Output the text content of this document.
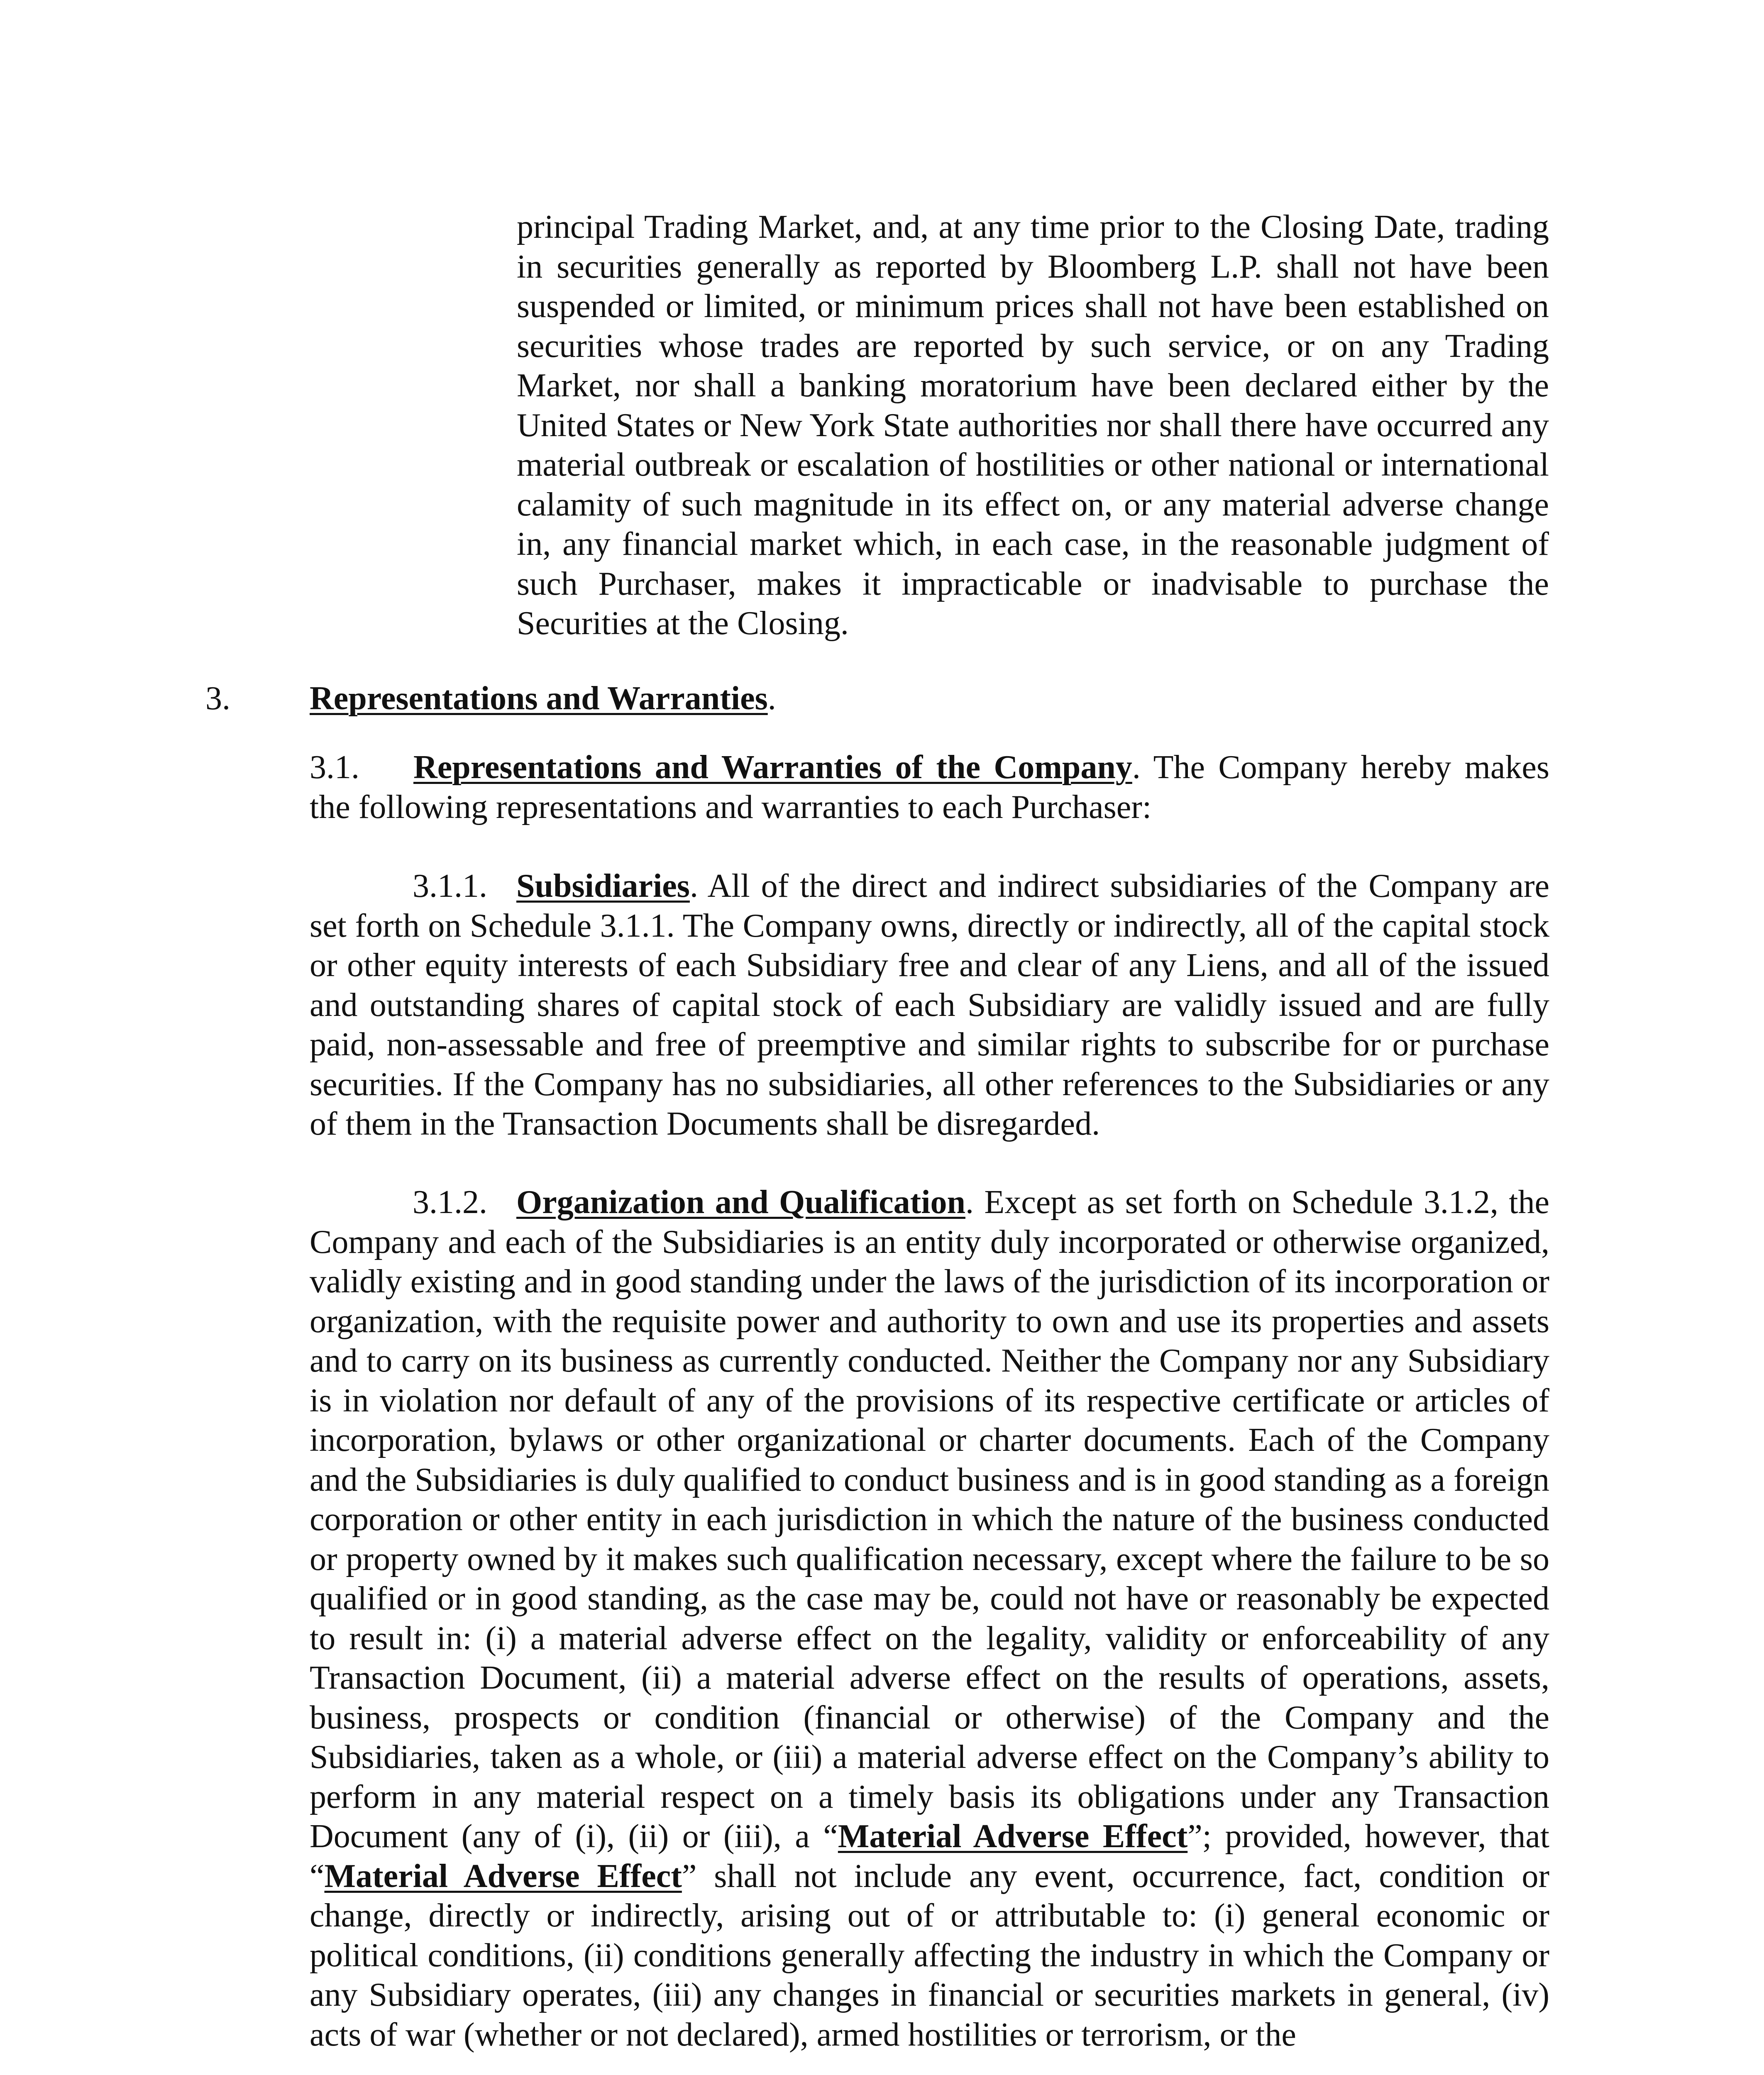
principal Trading Market, and, at any time prior to the Closing Date, trading in securities generally as reported by Bloomberg L.P. shall not have been suspended or limited, or minimum prices shall not have been established on securities whose trades are reported by such service, or on any Trading Market, nor shall a banking moratorium have been declared either by the United States or New York State authorities nor shall there have occurred any material outbreak or escalation of hostilities or other national or international calamity of such magnitude in its effect on, or any material adverse change in, any financial market which, in each case, in the reasonable judgment of such Purchaser, makes it impracticable or inadvisable to purchase the Securities at the Closing.

3. Representations and Warranties.

3.1. Representations and Warranties of the Company. The Company hereby makes the following representations and warranties to each Purchaser:

3.1.1. Subsidiaries. All of the direct and indirect subsidiaries of the Company are set forth on Schedule 3.1.1. The Company owns, directly or indirectly, all of the capital stock or other equity interests of each Subsidiary free and clear of any Liens, and all of the issued and outstanding shares of capital stock of each Subsidiary are validly issued and are fully paid, non-assessable and free of preemptive and similar rights to subscribe for or purchase securities. If the Company has no subsidiaries, all other references to the Subsidiaries or any of them in the Transaction Documents shall be disregarded.

3.1.2. Organization and Qualification. Except as set forth on Schedule 3.1.2, the Company and each of the Subsidiaries is an entity duly incorporated or otherwise organized, validly existing and in good standing under the laws of the jurisdiction of its incorporation or organization, with the requisite power and authority to own and use its properties and assets and to carry on its business as currently conducted. Neither the Company nor any Subsidiary is in violation nor default of any of the provisions of its respective certificate or articles of incorporation, bylaws or other organizational or charter documents. Each of the Company and the Subsidiaries is duly qualified to conduct business and is in good standing as a foreign corporation or other entity in each jurisdiction in which the nature of the business conducted or property owned by it makes such qualification necessary, except where the failure to be so qualified or in good standing, as the case may be, could not have or reasonably be expected to result in: (i) a material adverse effect on the legality, validity or enforceability of any Transaction Document, (ii) a material adverse effect on the results of operations, assets, business, prospects or condition (financial or otherwise) of the Company and the Subsidiaries, taken as a whole, or (iii) a material adverse effect on the Company’s ability to perform in any material respect on a timely basis its obligations under any Transaction Document (any of (i), (ii) or (iii), a “Material Adverse Effect”; provided, however, that “Material Adverse Effect” shall not include any event, occurrence, fact, condition or change, directly or indirectly, arising out of or attributable to: (i) general economic or political conditions, (ii) conditions generally affecting the industry in which the Company or any Subsidiary operates, (iii) any changes in financial or securities markets in general, (iv) acts of war (whether or not declared), armed hostilities or terrorism, or the
